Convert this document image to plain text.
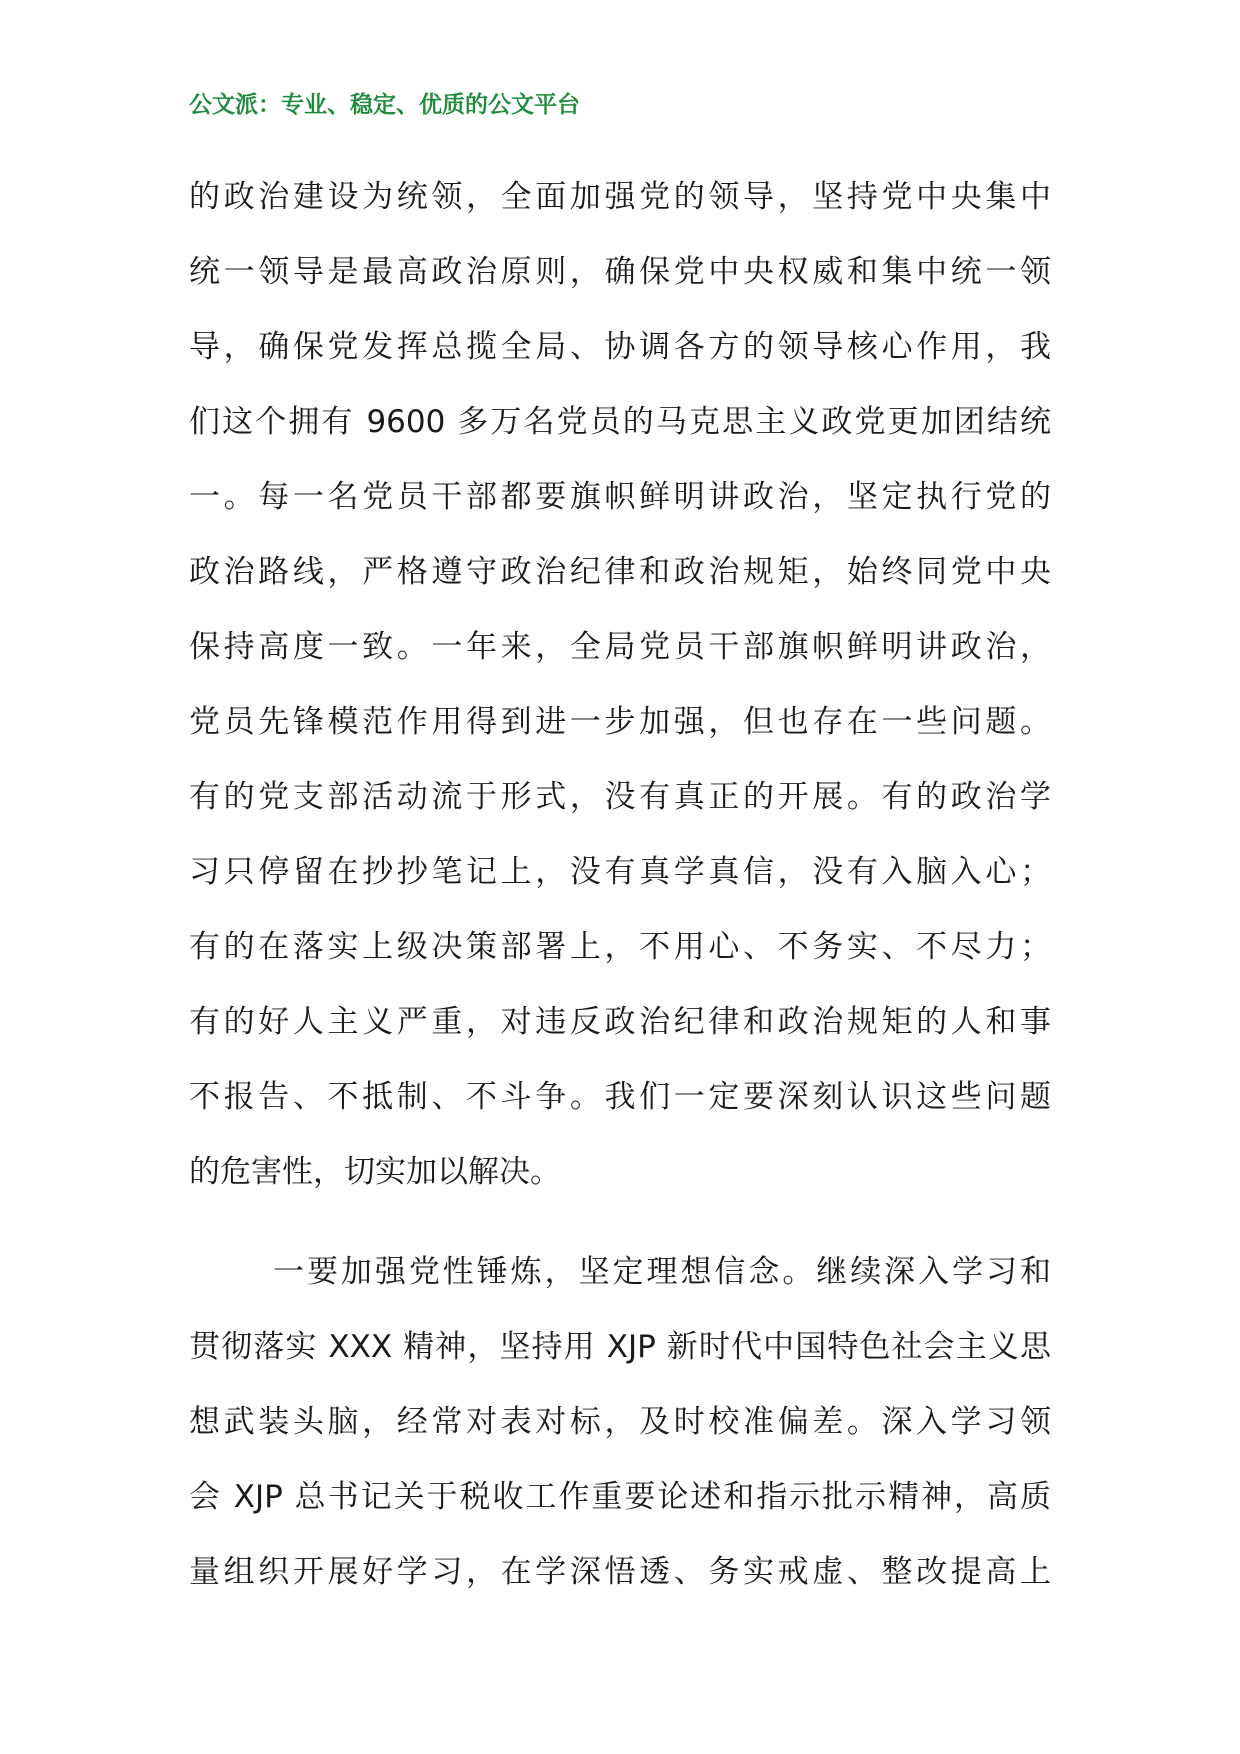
公文派：专业、稳定、优质的公文平台
的政治建设为统领，全面加强党的领导，坚持党中央集中
统一领导是最高政治原则，确保党中央权威和集中统一领
导，确保党发挥总揽全局、协调各方的领导核心作用，我
们这个拥有 9600 多万名党员的马克思主义政党更加团结统
一。每一名党员干部都要旗帜鲜明讲政治，坚定执行党的
政治路线，严格遵守政治纪律和政治规矩，始终同党中央
保持高度一致。一年来，全局党员干部旗帜鲜明讲政治，
党员先锋模范作用得到进一步加强，但也存在一些问题。
有的党支部活动流于形式，没有真正的开展。有的政治学
习只停留在抄抄笔记上，没有真学真信，没有入脑入心；
有的在落实上级决策部署上，不用心、不务实、不尽力；
有的好人主义严重，对违反政治纪律和政治规矩的人和事
不报告、不抵制、不斗争。我们一定要深刻认识这些问题
的危害性，切实加以解决。
一要加强党性锤炼，坚定理想信念。继续深入学习和
贯彻落实 XXX 精神，坚持用 XJP 新时代中国特色社会主义思
想武装头脑，经常对表对标，及时校准偏差。深入学习领
会 XJP 总书记关于税收工作重要论述和指示批示精神，高质
量组织开展好学习，在学深悟透、务实戒虚、整改提高上
